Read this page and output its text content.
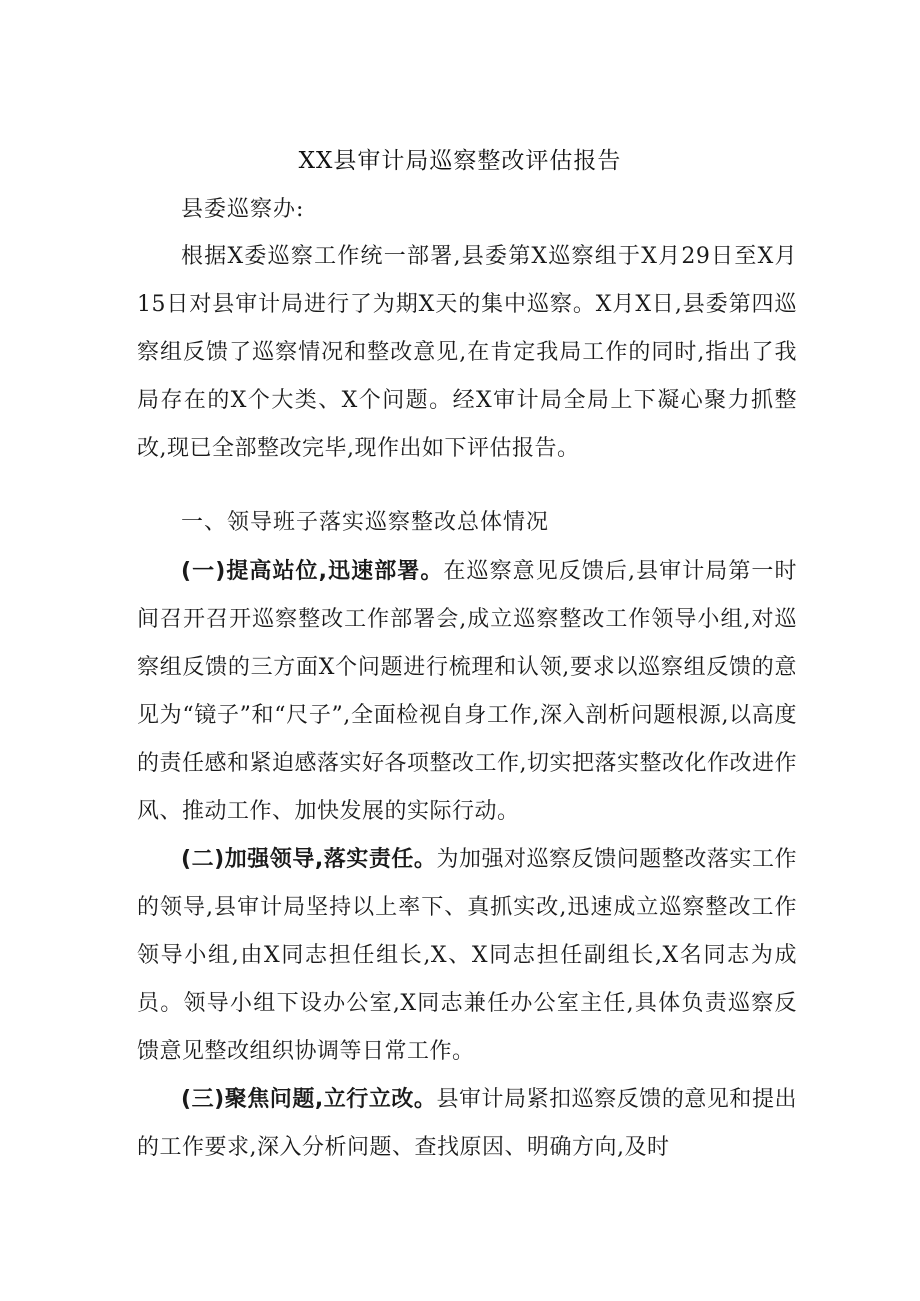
XX县审计局巡察整改评估报告
县委巡察办:

根据X委巡察工作统一部署,县委第X巡察组于X月29日至X月15日对县审计局进行了为期X天的集中巡察。X月X日,县委第四巡察组反馈了巡察情况和整改意见,在肯定我局工作的同时,指出了我局存在的X个大类、X个问题。经X审计局全局上下凝心聚力抓整改,现已全部整改完毕,现作出如下评估报告。

一、领导班子落实巡察整改总体情况

(一)提高站位,迅速部署。在巡察意见反馈后,县审计局第一时间召开召开巡察整改工作部署会,成立巡察整改工作领导小组,对巡察组反馈的三方面X个问题进行梳理和认领,要求以巡察组反馈的意见为“镜子”和“尺子”,全面检视自身工作,深入剖析问题根源,以高度的责任感和紧迫感落实好各项整改工作,切实把落实整改化作改进作风、推动工作、加快发展的实际行动。

(二)加强领导,落实责任。为加强对巡察反馈问题整改落实工作的领导,县审计局坚持以上率下、真抓实改,迅速成立巡察整改工作领导小组,由X同志担任组长,X、X同志担任副组长,X名同志为成员。领导小组下设办公室,X同志兼任办公室主任,具体负责巡察反馈意见整改组织协调等日常工作。

(三)聚焦问题,立行立改。县审计局紧扣巡察反馈的意见和提出的工作要求,深入分析问题、查找原因、明确方向,及时
